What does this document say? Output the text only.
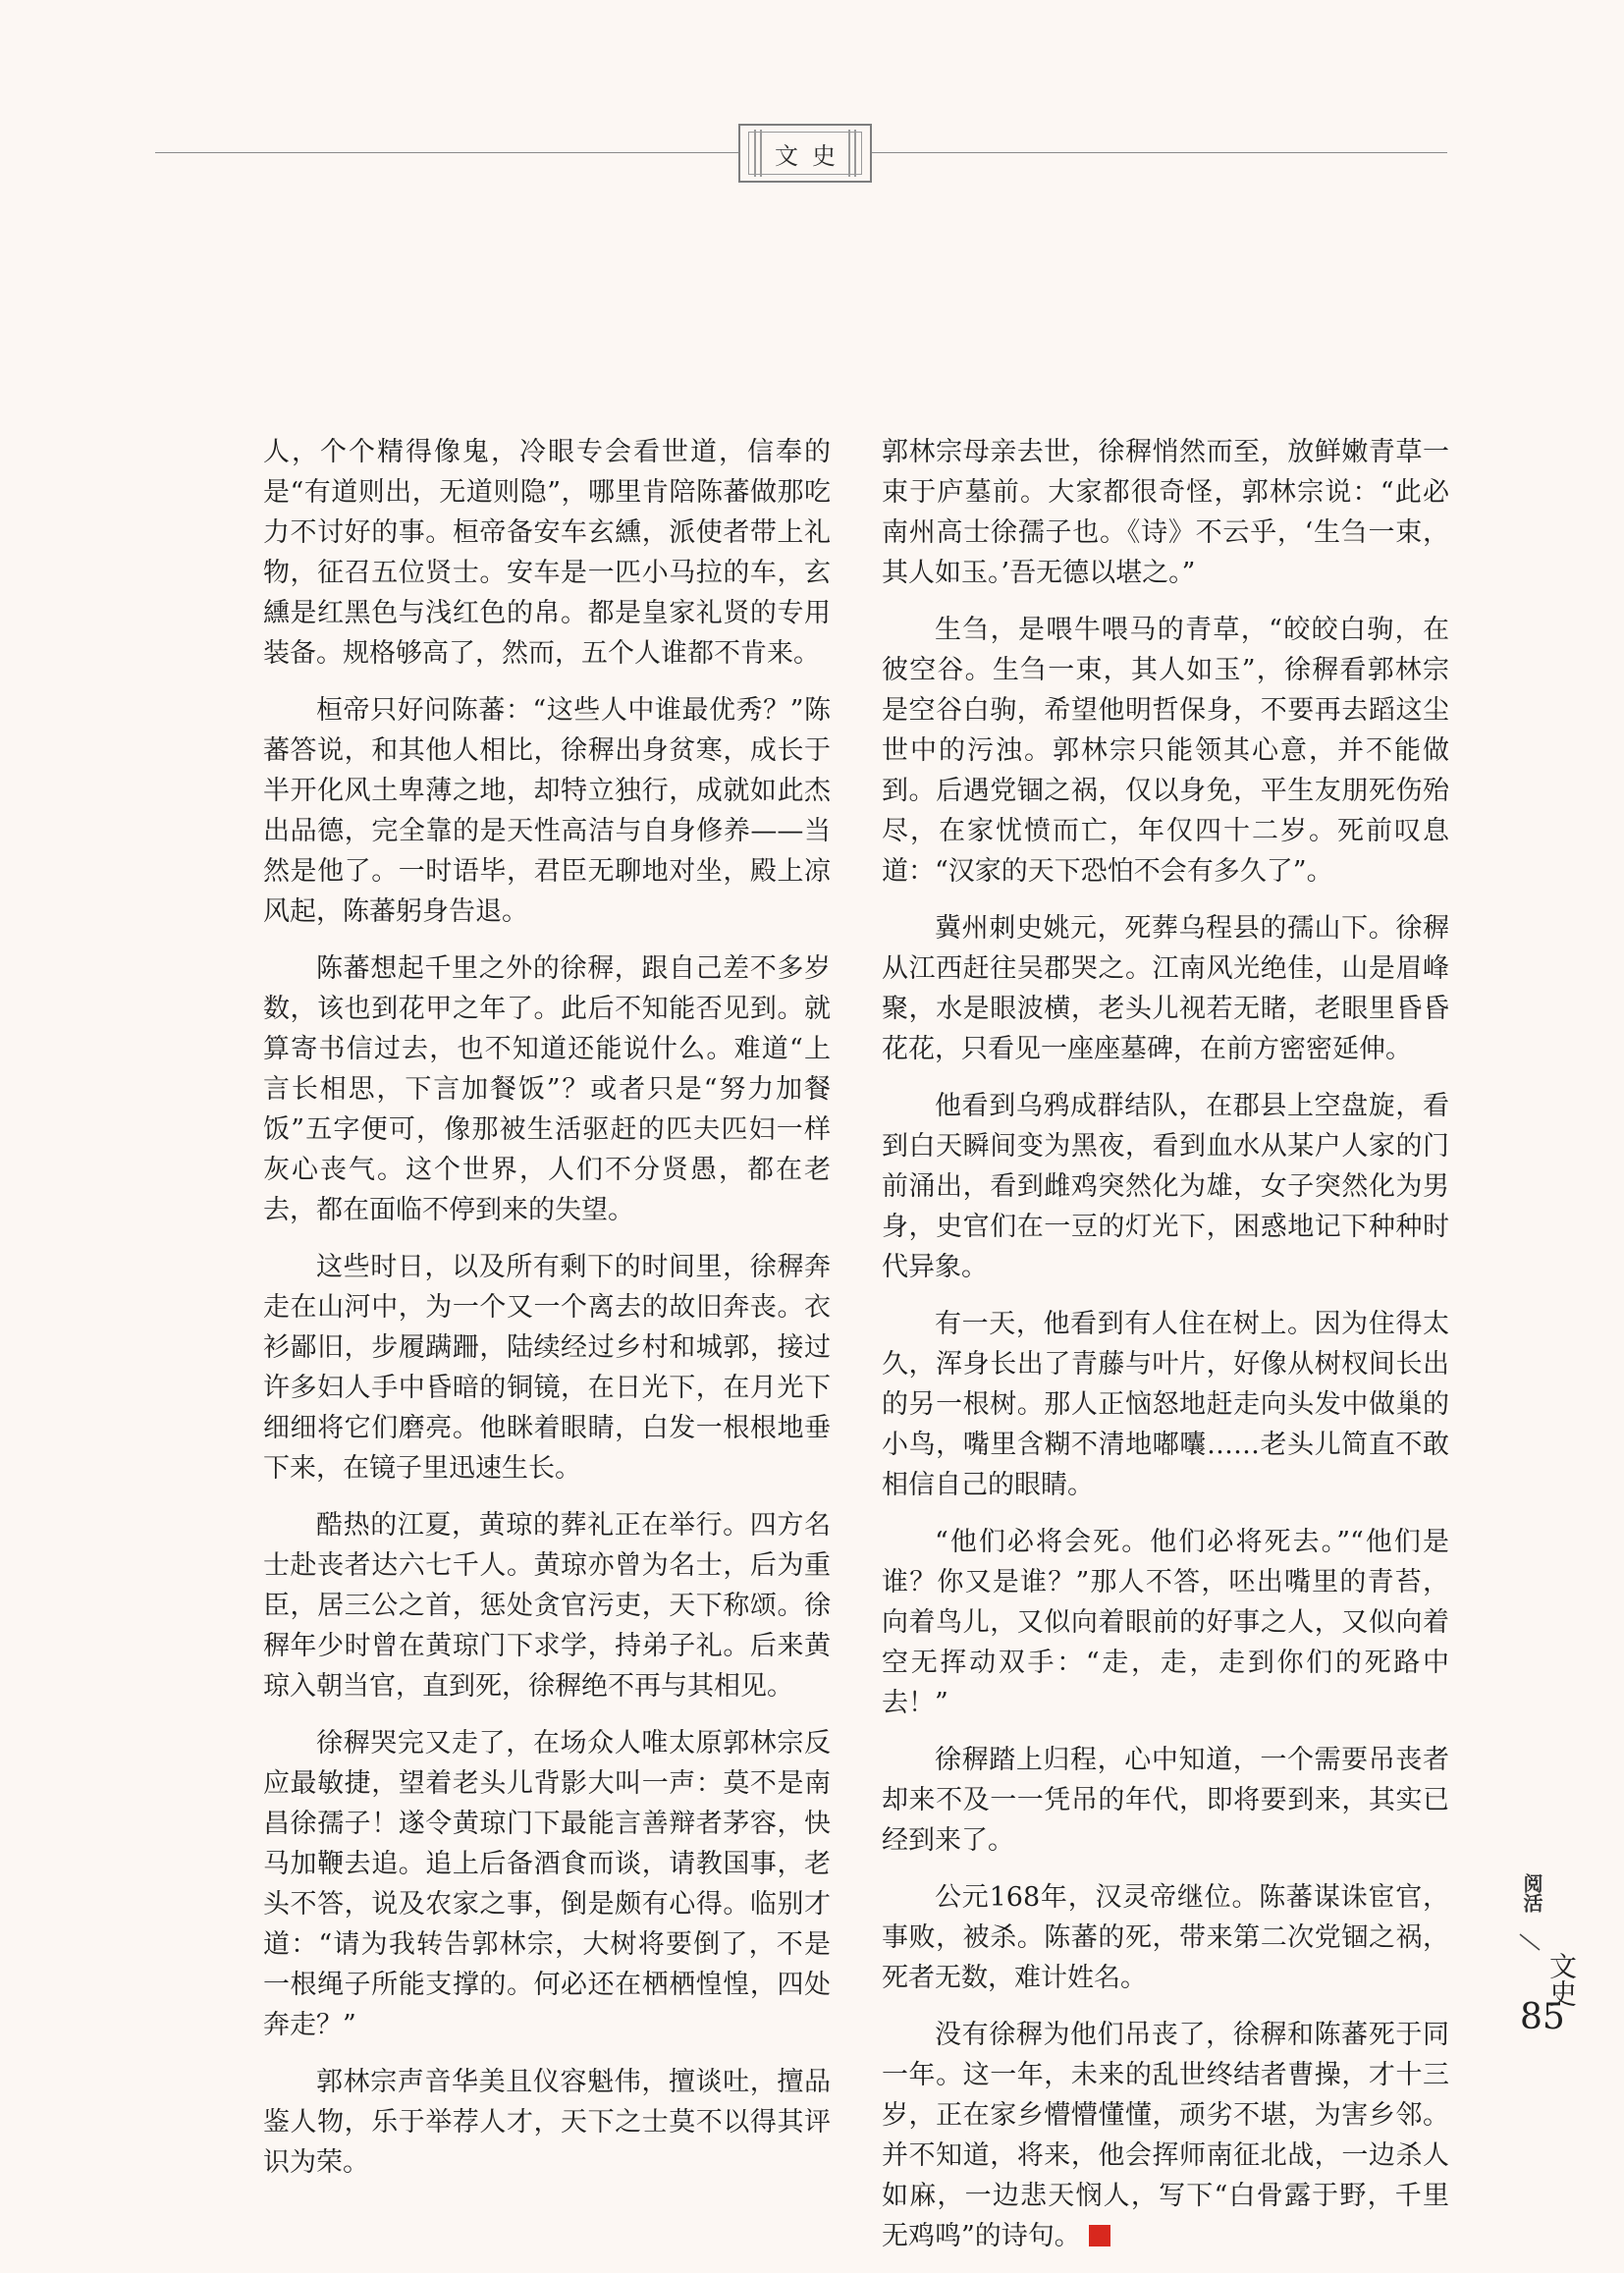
文史

人，个个精得像鬼，冷眼专会看世道，信奉的是“有道则出，无道则隐”，哪里肯陪陈蕃做那吃力不讨好的事。桓帝备安车玄纁，派使者带上礼物，征召五位贤士。安车是一匹小马拉的车，玄纁是红黑色与浅红色的帛。都是皇家礼贤的专用装备。规格够高了，然而，五个人谁都不肯来。

桓帝只好问陈蕃：“这些人中谁最优秀？”陈蕃答说，和其他人相比，徐稺出身贫寒，成长于半开化风土卑薄之地，却特立独行，成就如此杰出品德，完全靠的是天性高洁与自身修养——当然是他了。一时语毕，君臣无聊地对坐，殿上凉风起，陈蕃躬身告退。

陈蕃想起千里之外的徐稺，跟自己差不多岁数，该也到花甲之年了。此后不知能否见到。就算寄书信过去，也不知道还能说什么。难道“上言长相思，下言加餐饭”？或者只是“努力加餐饭”五字便可，像那被生活驱赶的匹夫匹妇一样灰心丧气。这个世界，人们不分贤愚，都在老去，都在面临不停到来的失望。

这些时日，以及所有剩下的时间里，徐稺奔走在山河中，为一个又一个离去的故旧奔丧。衣衫鄙旧，步履蹒跚，陆续经过乡村和城郭，接过许多妇人手中昏暗的铜镜，在日光下，在月光下细细将它们磨亮。他眯着眼睛，白发一根根地垂下来，在镜子里迅速生长。

酷热的江夏，黄琼的葬礼正在举行。四方名士赴丧者达六七千人。黄琼亦曾为名士，后为重臣，居三公之首，惩处贪官污吏，天下称颂。徐稺年少时曾在黄琼门下求学，持弟子礼。后来黄琼入朝当官，直到死，徐稺绝不再与其相见。

徐稺哭完又走了，在场众人唯太原郭林宗反应最敏捷，望着老头儿背影大叫一声：莫不是南昌徐孺子！遂令黄琼门下最能言善辩者茅容，快马加鞭去追。追上后备酒食而谈，请教国事，老头不答，说及农家之事，倒是颇有心得。临别才道：“请为我转告郭林宗，大树将要倒了，不是一根绳子所能支撑的。何必还在栖栖惶惶，四处奔走？”

郭林宗声音华美且仪容魁伟，擅谈吐，擅品鉴人物，乐于举荐人才，天下之士莫不以得其评识为荣。

郭林宗母亲去世，徐稺悄然而至，放鲜嫩青草一束于庐墓前。大家都很奇怪，郭林宗说：“此必南州高士徐孺子也。《诗》不云乎，‘生刍一束，其人如玉。’吾无德以堪之。”

生刍，是喂牛喂马的青草，“皎皎白驹，在彼空谷。生刍一束，其人如玉”，徐稺看郭林宗是空谷白驹，希望他明哲保身，不要再去蹈这尘世中的污浊。郭林宗只能领其心意，并不能做到。后遇党锢之祸，仅以身免，平生友朋死伤殆尽，在家忧愤而亡，年仅四十二岁。死前叹息道：“汉家的天下恐怕不会有多久了”。

冀州刺史姚元，死葬乌程县的孺山下。徐稺从江西赶往吴郡哭之。江南风光绝佳，山是眉峰聚，水是眼波横，老头儿视若无睹，老眼里昏昏花花，只看见一座座墓碑，在前方密密延伸。

他看到乌鸦成群结队，在郡县上空盘旋，看到白天瞬间变为黑夜，看到血水从某户人家的门前涌出，看到雌鸡突然化为雄，女子突然化为男身，史官们在一豆的灯光下，困惑地记下种种时代异象。

有一天，他看到有人住在树上。因为住得太久，浑身长出了青藤与叶片，好像从树杈间长出的另一根树。那人正恼怒地赶走向头发中做巢的小鸟，嘴里含糊不清地嘟囔……老头儿简直不敢相信自己的眼睛。

“他们必将会死。他们必将死去。”“他们是谁？你又是谁？”那人不答，呸出嘴里的青苔，向着鸟儿，又似向着眼前的好事之人，又似向着空无挥动双手：“走，走，走到你们的死路中去！”

徐稺踏上归程，心中知道，一个需要吊丧者却来不及一一凭吊的年代，即将要到来，其实已经到来了。

公元168年，汉灵帝继位。陈蕃谋诛宦官，事败，被杀。陈蕃的死，带来第二次党锢之祸，死者无数，难计姓名。

没有徐稺为他们吊丧了，徐稺和陈蕃死于同一年。这一年，未来的乱世终结者曹操，才十三岁，正在家乡懵懵懂懂，顽劣不堪，为害乡邻。并不知道，将来，他会挥师南征北战，一边杀人如麻，一边悲天悯人，写下“白骨露于野，千里无鸡鸣”的诗句。

阅活
文史
85
